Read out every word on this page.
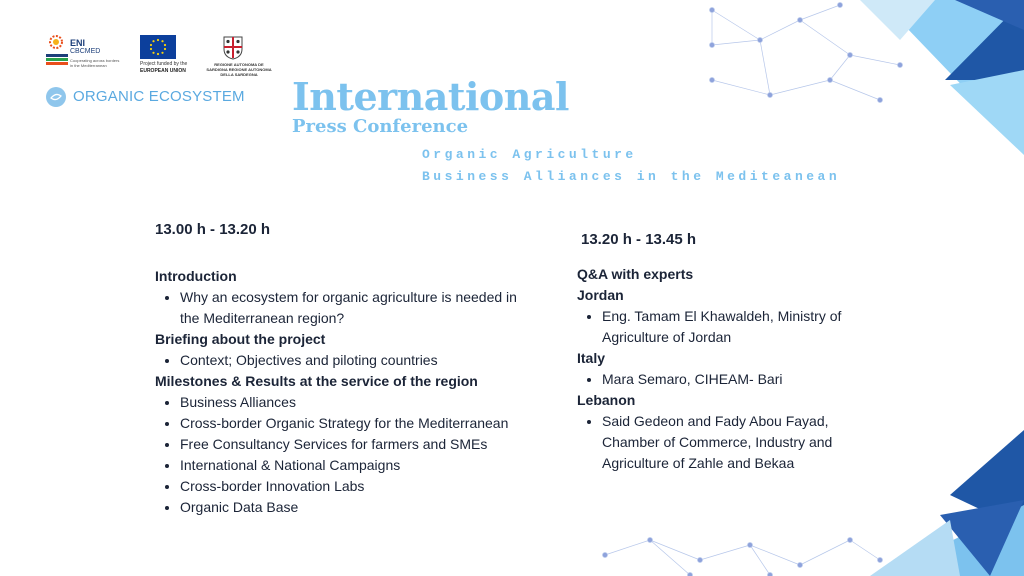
ENI
CBCMED
Cooperating across borders in the Mediterranean	Project funded by the
EUROPEAN UNION
REGIONE AUTONOMA DE SARDIGNA REGIONE AUTONOMA DELLA SARDEGNA
ORGANIC ECOSYSTEM International
Press Conference
Organic Agriculture
Business Alliances in the Mediteanean
13.00 h - 13.20 h
Introduction
• Why an ecosystem for organic agriculture is needed in the Mediterranean region?
Briefing about the project
• Context; Objectives and piloting countries
Milestones & Results at the service of the region
• Business Alliances
• Cross-border Organic Strategy for the Mediterranean
• Free Consultancy Services for farmers and SMEs
• International & National Campaigns
• Cross-border Innovation Labs
• Organic Data Base
13.20 h - 13.45 h
Q&A with experts
Jordan
• Eng. Tamam El Khawaldeh, Ministry of Agriculture of Jordan
Italy
• Mara Semaro, CIHEAM- Bari
Lebanon
• Said Gedeon and Fady Abou Fayad, Chamber of Commerce, Industry and Agriculture of Zahle and Bekaa
